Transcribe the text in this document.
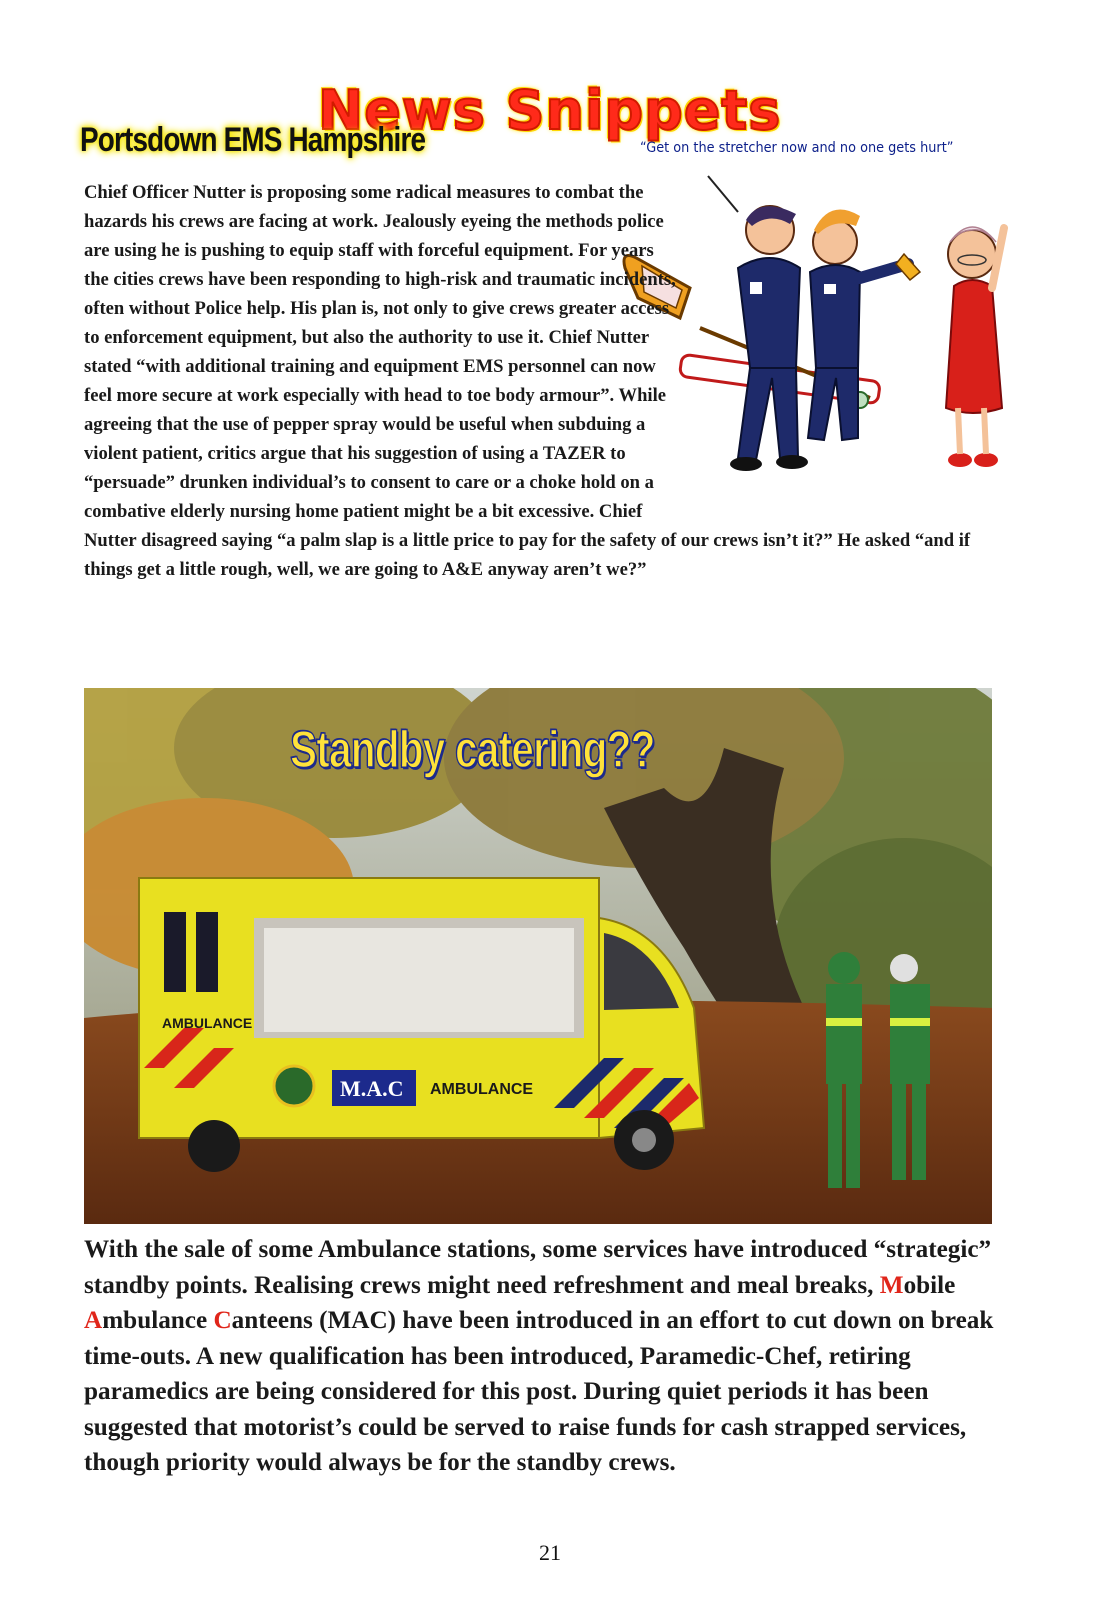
News Snippets
Portsdown EMS Hampshire	“Get on the stretcher now and no one gets hurt”

Chief Officer Nutter is proposing some radical measures to combat the hazards his crews are facing at work. Jealously eyeing the methods police are using he is pushing to equip staff with forceful equipment. For years the cities crews have been responding to high-risk and traumatic incidents, often without Police help. His plan is, not only to give crews greater access to enforcement equipment, but also the authority to use it. Chief Nutter stated “with additional training and equipment EMS personnel can now feel more secure at work especially with head to toe body armour”. While agreeing that the use of pepper spray would be useful when subduing a violent patient, critics argue that his suggestion of using a TAZER to “persuade” drunken individual’s to consent to care or a choke hold on a combative elderly nursing home patient might be a bit excessive. Chief Nutter disagreed saying “a palm slap is a little price to pay for the safety of our crews isn’t it?” He asked “and if things get a little rough, well, we are going to A&E anyway aren’t we?”

AMBULANCE
M.A.C AMBULANCE
Standby catering??

With the sale of some Ambulance stations, some services have introduced “strategic” standby points. Realising crews might need refreshment and meal breaks, Mobile Ambulance Canteens (MAC) have been introduced in an effort to cut down on break time-outs. A new qualification has been introduced, Paramedic-Chef, retiring paramedics are being considered for this post. During quiet periods it has been suggested that motorist’s could be served to raise funds for cash strapped services, though priority would always be for the standby crews.

21
